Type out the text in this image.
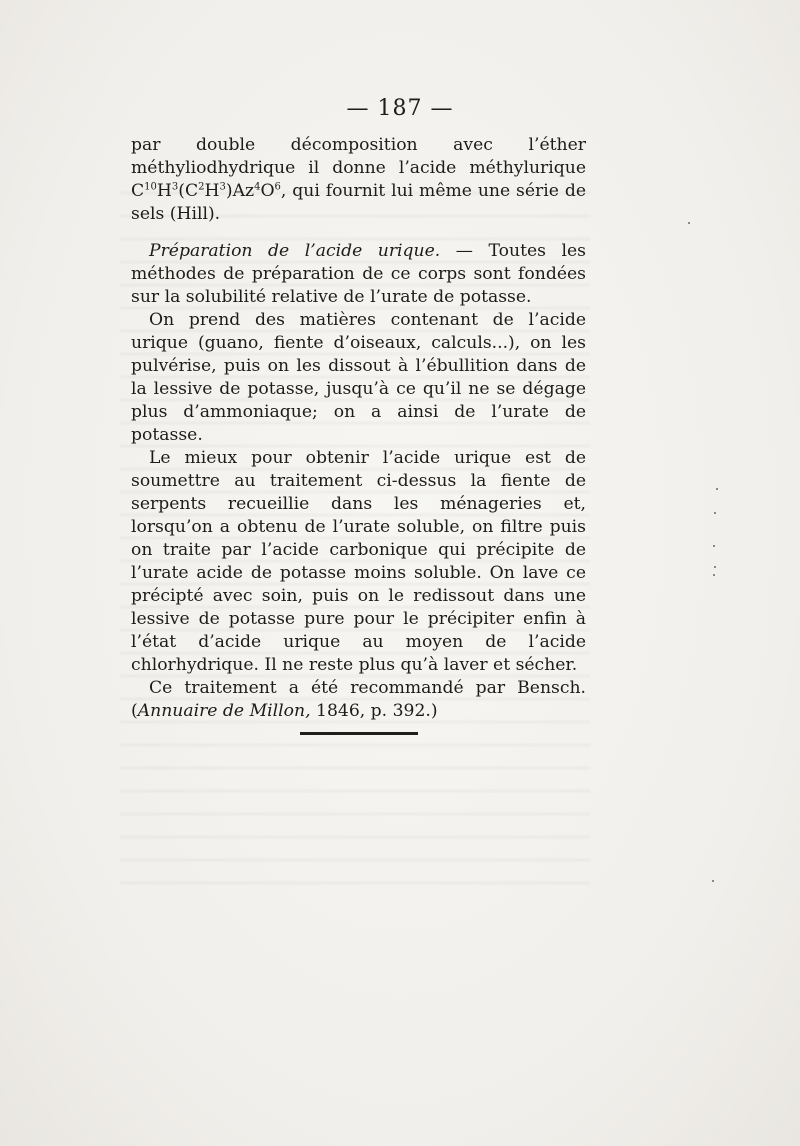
— 187 —

par double décomposition avec l’éther méthyliodhydrique il donne l’acide méthylurique $C^{10}H^3(C^2H^3)Az^4O^6$, qui fournit lui même une série de sels (Hill).

Préparation de l’acide urique. — Toutes les méthodes de préparation de ce corps sont fondées sur la solubilité relative de l’urate de potasse.

On prend des matières contenant de l’acide urique (guano, fiente d’oiseaux, calculs...), on les pulvérise, puis on les dissout à l’ébullition dans de la lessive de potasse, jusqu’à ce qu’il ne se dégage plus d’ammoniaque; on a ainsi de l’urate de potasse.

Le mieux pour obtenir l’acide urique est de soumettre au traitement ci-dessus la fiente de serpents recueillie dans les ménageries et, lorsqu’on a obtenu de l’urate soluble, on filtre puis on traite par l’acide carbonique qui précipite de l’urate acide de potasse moins soluble. On lave ce précipté avec soin, puis on le redissout dans une lessive de potasse pure pour le précipiter enfin à l’état d’acide urique au moyen de l’acide chlorhydrique. Il ne reste plus qu’à laver et sécher.

Ce traitement a été recommandé par Bensch. (Annuaire de Millon, 1846, p. 392.)
